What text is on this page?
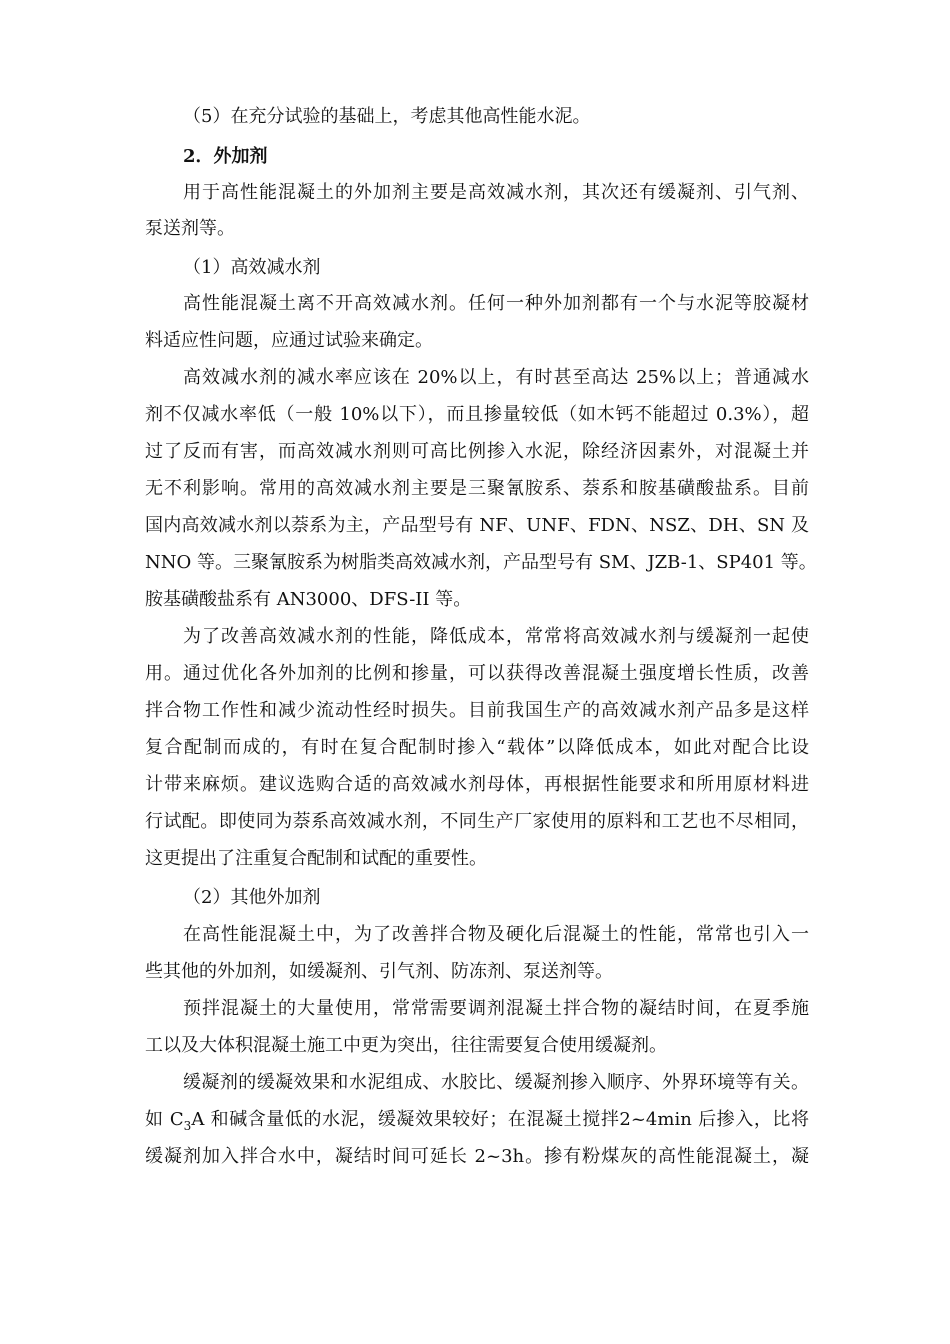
（5）在充分试验的基础上，考虑其他高性能水泥。
2．外加剂
用于高性能混凝土的外加剂主要是高效减水剂，其次还有缓凝剂、引气剂、
泵送剂等。
（1）高效减水剂
高性能混凝土离不开高效减水剂。任何一种外加剂都有一个与水泥等胶凝材
料适应性问题，应通过试验来确定。
高效减水剂的减水率应该在 20%以上，有时甚至高达 25%以上；普通减水
剂不仅减水率低（一般 10%以下），而且掺量较低（如木钙不能超过 0.3%），超
过了反而有害，而高效减水剂则可高比例掺入水泥，除经济因素外，对混凝土并
无不利影响。常用的高效减水剂主要是三聚氰胺系、萘系和胺基磺酸盐系。目前
国内高效减水剂以萘系为主，产品型号有 NF、UNF、FDN、NSZ、DH、SN 及
NNO 等。三聚氰胺系为树脂类高效减水剂，产品型号有 SM、JZB-1、SP401 等。
胺基磺酸盐系有 AN3000、DFS-II 等。
为了改善高效减水剂的性能，降低成本，常常将高效减水剂与缓凝剂一起使
用。通过优化各外加剂的比例和掺量，可以获得改善混凝土强度增长性质，改善
拌合物工作性和减少流动性经时损失。目前我国生产的高效减水剂产品多是这样
复合配制而成的，有时在复合配制时掺入“载体”以降低成本，如此对配合比设
计带来麻烦。建议选购合适的高效减水剂母体，再根据性能要求和所用原材料进
行试配。即使同为萘系高效减水剂，不同生产厂家使用的原料和工艺也不尽相同，
这更提出了注重复合配制和试配的重要性。
（2）其他外加剂
在高性能混凝土中，为了改善拌合物及硬化后混凝土的性能，常常也引入一
些其他的外加剂，如缓凝剂、引气剂、防冻剂、泵送剂等。
预拌混凝土的大量使用，常常需要调剂混凝土拌合物的凝结时间，在夏季施
工以及大体积混凝土施工中更为突出，往往需要复合使用缓凝剂。
缓凝剂的缓凝效果和水泥组成、水胶比、缓凝剂掺入顺序、外界环境等有关。
如 $C_3A$ 和碱含量低的水泥，缓凝效果较好；在混凝土搅拌2~4min 后掺入，比将
缓凝剂加入拌合水中，凝结时间可延长 2~3h。掺有粉煤灰的高性能混凝土，凝
